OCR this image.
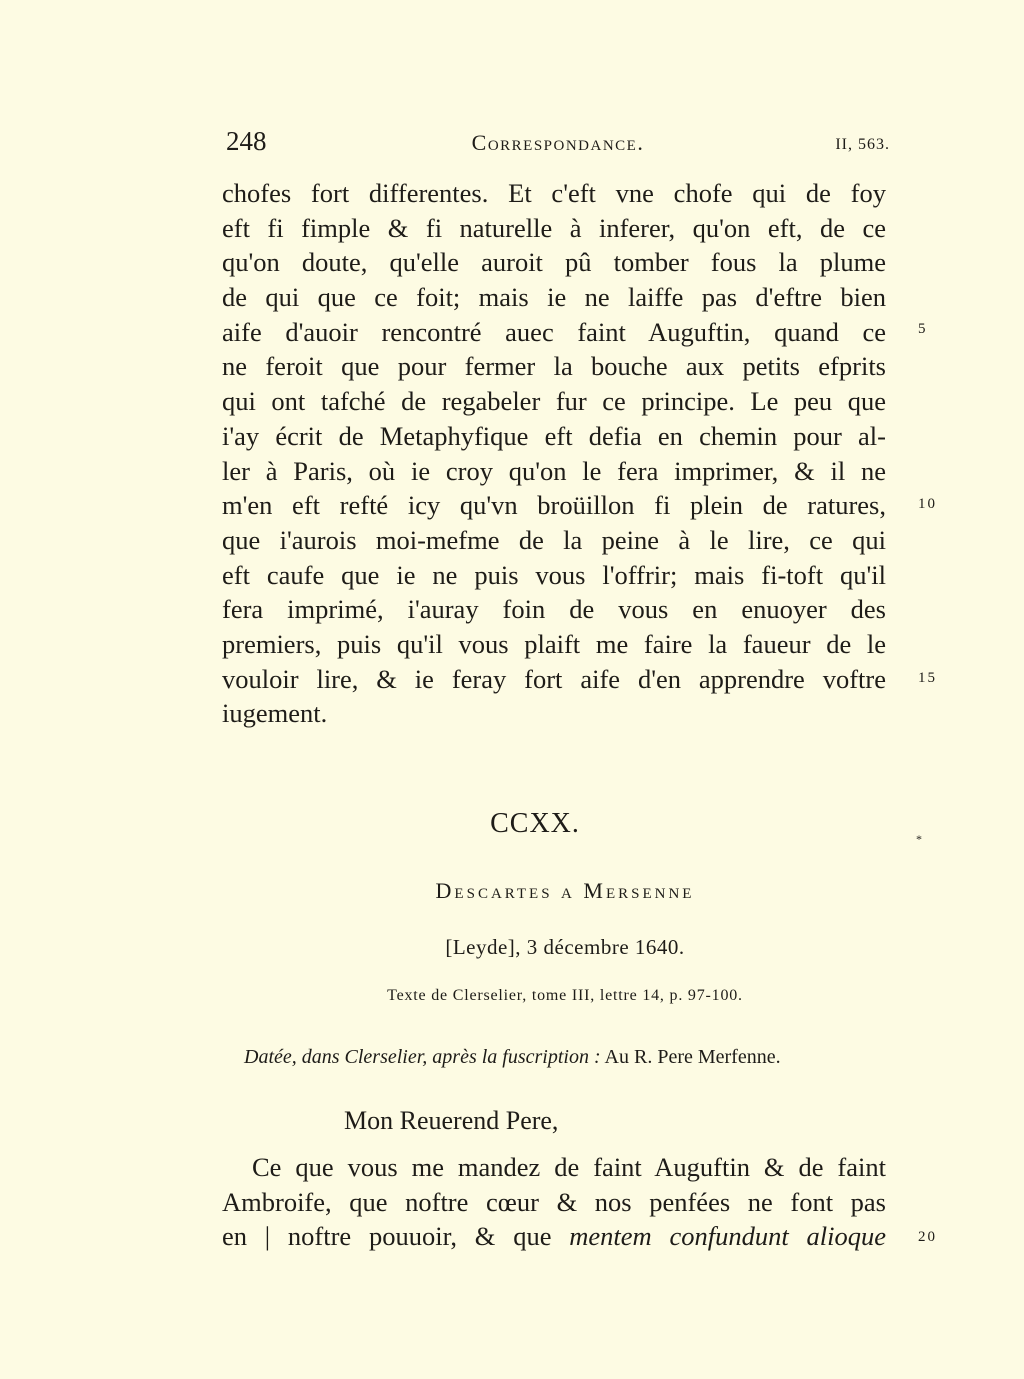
248	Correspondance.	II, 563.
chofes fort differentes. Et c'eft vne chofe qui de foy
eft fi fimple & fi naturelle à inferer, qu'on eft, de ce
qu'on doute, qu'elle auroit pû tomber fous la plume
de qui que ce foit; mais ie ne laiffe pas d'eftre bien
aife d'auoir rencontré auec faint Auguftin, quand ce
ne feroit que pour fermer la bouche aux petits efprits
qui ont tafché de regabeler fur ce principe. Le peu que
i'ay écrit de Metaphyfique eft defia en chemin pour al-
ler à Paris, où ie croy qu'on le fera imprimer, & il ne
m'en eft refté icy qu'vn broüillon fi plein de ratures,
que i'aurois moi-mefme de la peine à le lire, ce qui
eft caufe que ie ne puis vous l'offrir; mais fi-toft qu'il
fera imprimé, i'auray foin de vous en enuoyer des
premiers, puis qu'il vous plaift me faire la faueur de le
vouloir lire, & ie feray fort aife d'en apprendre voftre
iugement.
5
10
15
20
CCXX.	*
Descartes a Mersenne
[Leyde], 3 décembre 1640.
Texte de Clerselier, tome III, lettre 14, p. 97-100.
Datée, dans Clerselier, après la fuscription : Au R. Pere Merfenne.
Mon Reuerend Pere,
Ce que vous me mandez de faint Auguftin & de faint
Ambroife, que noftre cœur & nos penfées ne font pas
en | noftre pouuoir, & que mentem confundunt alioque
